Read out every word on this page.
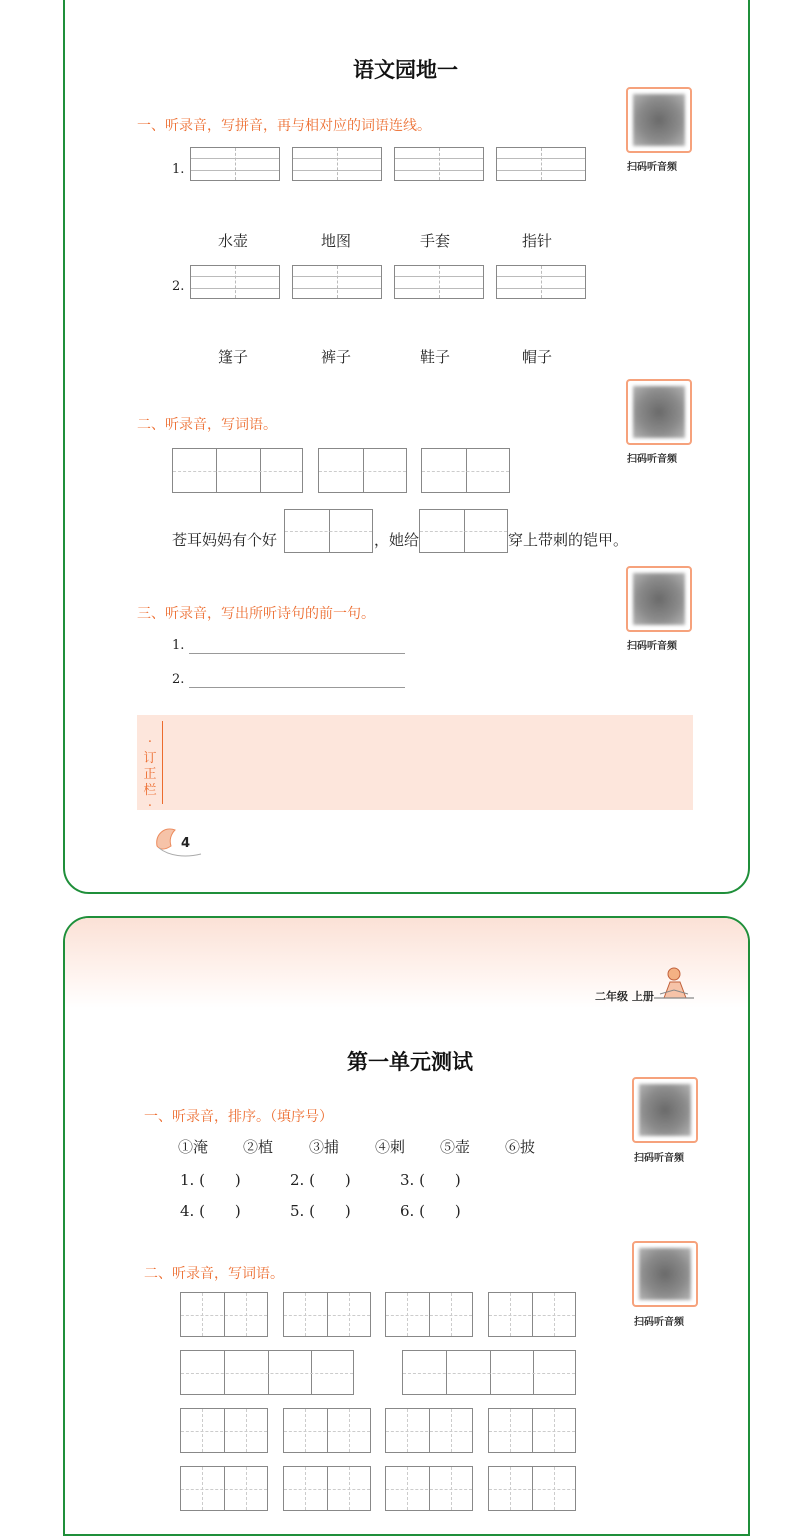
语文园地一
一、听录音，写拼音，再与相对应的词语连线。
扫码听音频
1.
水壶	地图	手套	指针
2.
篷子	裤子	鞋子	帽子
二、听录音，写词语。
扫码听音频
苍耳妈妈有个好	，她给	穿上带刺的铠甲。
三、听录音，写出所听诗句的前一句。
扫码听音频
1.
2.
·订正栏·
4
二年级 上册
第一单元测试
一、听录音，排序。（填序号）
扫码听音频
①淹 ②植 ③捕 ④刺 ⑤壶 ⑥披
1. (　　)	2. (　　)	3. (　　)
4. (　　)	5. (　　)	6. (　　)
二、听录音，写词语。
扫码听音频
